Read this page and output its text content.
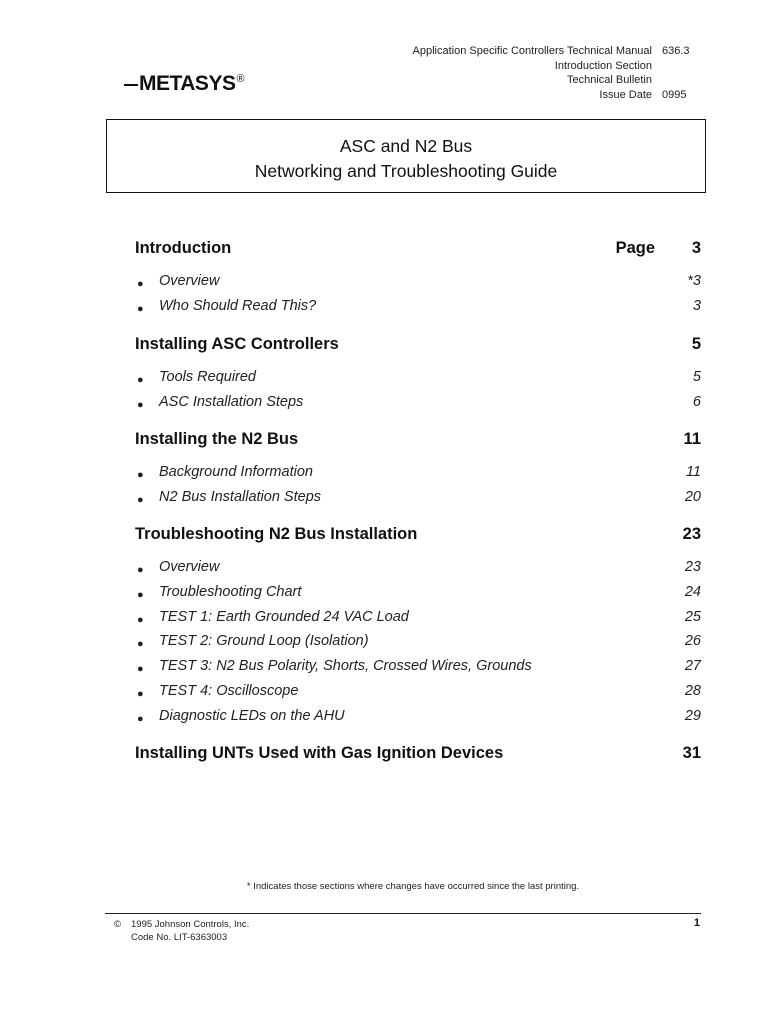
Application Specific Controllers Technical Manual 636.3
Introduction Section
Technical Bulletin
Issue Date 0995
METASYS ®
ASC and N2 Bus
Networking and Troubleshooting Guide
Introduction	Page 3
● Overview	*3
● Who Should Read This?	3
Installing ASC Controllers	5
● Tools Required	5
● ASC Installation Steps	6
Installing the N2 Bus	11
● Background Information	11
● N2 Bus Installation Steps	20
Troubleshooting N2 Bus Installation	23
● Overview	23
● Troubleshooting Chart	24
● TEST 1: Earth Grounded 24 VAC Load	25
● TEST 2: Ground Loop (Isolation)	26
● TEST 3: N2 Bus Polarity, Shorts, Crossed Wires, Grounds	27
● TEST 4: Oscilloscope	28
● Diagnostic LEDs on the AHU	29
Installing UNTs Used with Gas Ignition Devices	31
* Indicates those sections where changes have occurred since the last printing.
© 1995 Johnson Controls, Inc.
Code No. LIT-6363003
1
